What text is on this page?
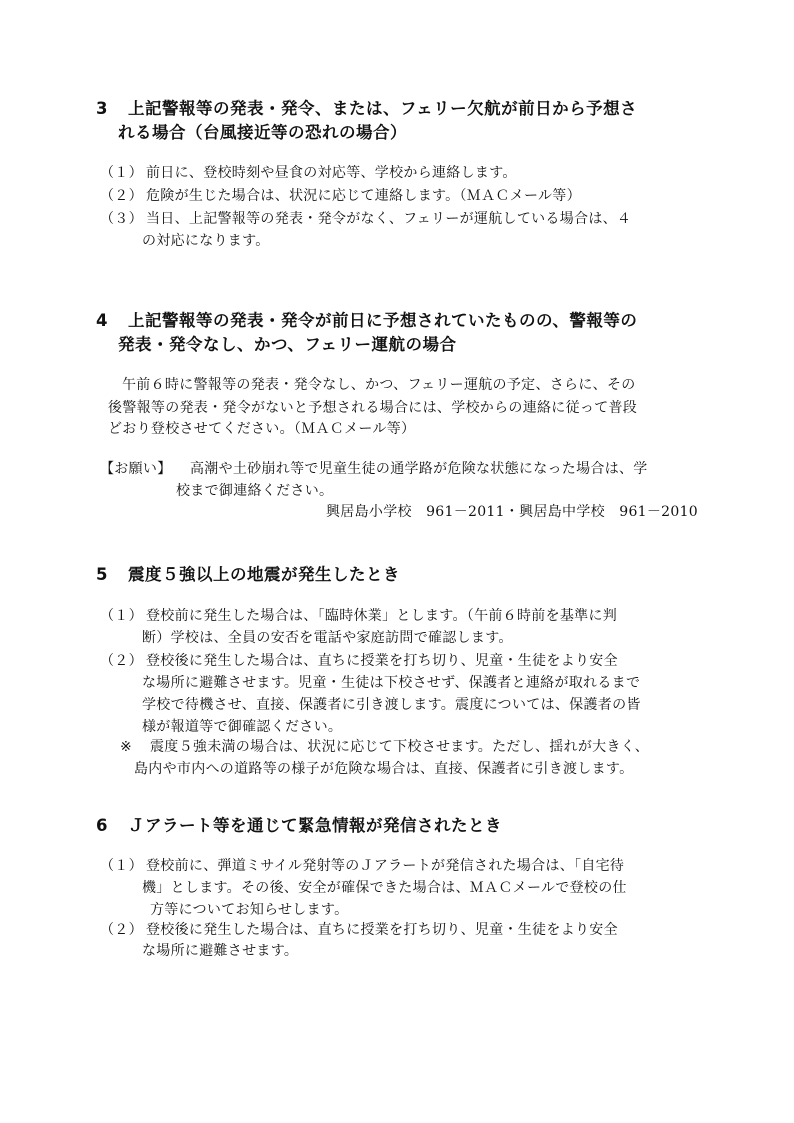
3 上記警報等の発表・発令、または、フェリー欠航が前日から予想さ
れる場合（台風接近等の恐れの場合）
（１） 前日に、登校時刻や昼食の対応等、学校から連絡します。
（２） 危険が生じた場合は、状況に応じて連絡します。（ＭＡＣメール等）
（３） 当日、上記警報等の発表・発令がなく、フェリーが運航している場合は、４
の対応になります。
4 上記警報等の発表・発令が前日に予想されていたものの、警報等の
発表・発令なし、かつ、フェリー運航の場合
午前６時に警報等の発表・発令なし、かつ、フェリー運航の予定、さらに、その
後警報等の発表・発令がないと予想される場合には、学校からの連絡に従って普段
どおり登校させてください。（ＭＡＣメール等）
【お願い】 高潮や土砂崩れ等で児童生徒の通学路が危険な状態になった場合は、学
校まで御連絡ください。
興居島小学校　961－2011・興居島中学校　961－2010
5 震度５強以上の地震が発生したとき
（１） 登校前に発生した場合は、「臨時休業」とします。（午前６時前を基準に判
断）学校は、全員の安否を電話や家庭訪問で確認します。
（２） 登校後に発生した場合は、直ちに授業を打ち切り、児童・生徒をより安全
な場所に避難させます。児童・生徒は下校させず、保護者と連絡が取れるまで
学校で待機させ、直接、保護者に引き渡します。震度については、保護者の皆
様が報道等で御確認ください。
※ 震度５強未満の場合は、状況に応じて下校させます。ただし、揺れが大きく、
島内や市内への道路等の様子が危険な場合は、直接、保護者に引き渡します。
6 Ｊアラート等を通じて緊急情報が発信されたとき
（１） 登校前に、弾道ミサイル発射等のＪアラートが発信された場合は、「自宅待
機」とします。その後、安全が確保できた場合は、ＭＡＣメールで登校の仕
方等についてお知らせします。
（２） 登校後に発生した場合は、直ちに授業を打ち切り、児童・生徒をより安全
な場所に避難させます。
